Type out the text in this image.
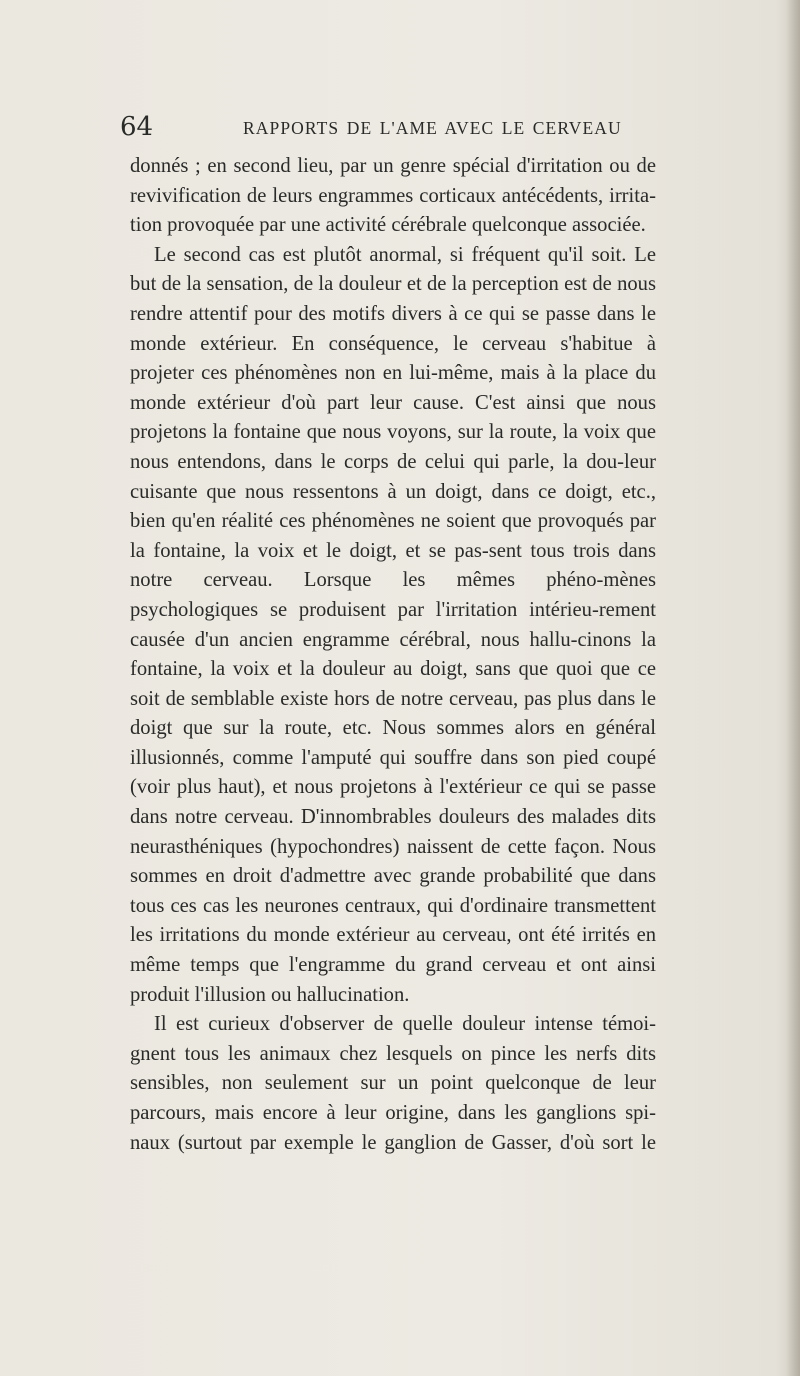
64	RAPPORTS DE L'AME AVEC LE CERVEAU

donnés ; en second lieu, par un genre spécial d'irritation ou de revivification de leurs engrammes corticaux antécédents, irrita-tion provoquée par une activité cérébrale quelconque associée.

Le second cas est plutôt anormal, si fréquent qu'il soit. Le but de la sensation, de la douleur et de la perception est de nous rendre attentif pour des motifs divers à ce qui se passe dans le monde extérieur. En conséquence, le cerveau s'habitue à projeter ces phénomènes non en lui-même, mais à la place du monde extérieur d'où part leur cause. C'est ainsi que nous projetons la fontaine que nous voyons, sur la route, la voix que nous entendons, dans le corps de celui qui parle, la dou-leur cuisante que nous ressentons à un doigt, dans ce doigt, etc., bien qu'en réalité ces phénomènes ne soient que provoqués par la fontaine, la voix et le doigt, et se pas-sent tous trois dans notre cerveau. Lorsque les mêmes phéno-mènes psychologiques se produisent par l'irritation intérieu-rement causée d'un ancien engramme cérébral, nous hallu-cinons la fontaine, la voix et la douleur au doigt, sans que quoi que ce soit de semblable existe hors de notre cerveau, pas plus dans le doigt que sur la route, etc. Nous sommes alors en général illusionnés, comme l'amputé qui souffre dans son pied coupé (voir plus haut), et nous projetons à l'extérieur ce qui se passe dans notre cerveau. D'innombrables douleurs des malades dits neurasthéniques (hypochondres) naissent de cette façon. Nous sommes en droit d'admettre avec grande probabilité que dans tous ces cas les neurones centraux, qui d'ordinaire transmettent les irritations du monde extérieur au cerveau, ont été irrités en même temps que l'engramme du grand cerveau et ont ainsi produit l'illusion ou hallucination.

Il est curieux d'observer de quelle douleur intense témoi-gnent tous les animaux chez lesquels on pince les nerfs dits sensibles, non seulement sur un point quelconque de leur parcours, mais encore à leur origine, dans les ganglions spi-naux (surtout par exemple le ganglion de Gasser, d'où sort le
